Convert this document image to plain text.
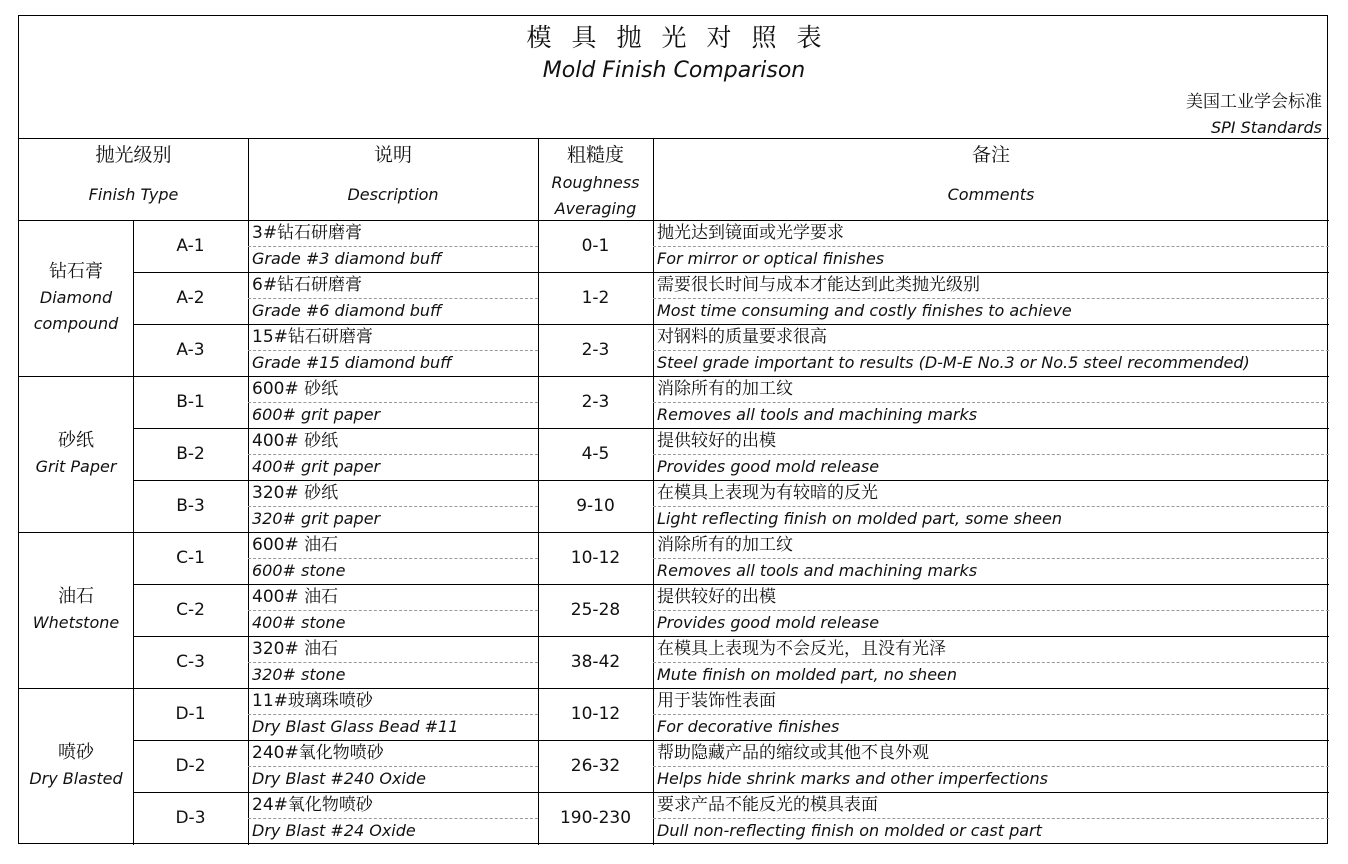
模具抛光对照表
Mold Finish Comparison
美国工业学会标准
SPI Standards
抛光级别
Finish Type
说明
Description
粗糙度
Roughness
Averaging
备注
Comments
钻石膏
Diamond
compound
A-1
3#钻石研磨膏
Grade #3 diamond buff
0-1
抛光达到镜面或光学要求
For mirror or optical finishes
A-2
6#钻石研磨膏
Grade #6 diamond buff
1-2
需要很长时间与成本才能达到此类抛光级别
Most time consuming and costly finishes to achieve
A-3
15#钻石研磨膏
Grade #15 diamond buff
2-3
对钢料的质量要求很高
Steel grade important to results (D-M-E No.3 or No.5 steel recommended)
砂纸
Grit Paper
B-1
600# 砂纸
600# grit paper
2-3
消除所有的加工纹
Removes all tools and machining marks
B-2
400# 砂纸
400# grit paper
4-5
提供较好的出模
Provides good mold release
B-3
320# 砂纸
320# grit paper
9-10
在模具上表现为有较暗的反光
Light reflecting finish on molded part, some sheen
油石
Whetstone
C-1
600# 油石
600# stone
10-12
消除所有的加工纹
Removes all tools and machining marks
C-2
400# 油石
400# stone
25-28
提供较好的出模
Provides good mold release
C-3
320# 油石
320# stone
38-42
在模具上表现为不会反光，且没有光泽
Mute finish on molded part, no sheen
喷砂
Dry Blasted
D-1
11#玻璃珠喷砂
Dry Blast Glass Bead #11
10-12
用于装饰性表面
For decorative finishes
D-2
240#氧化物喷砂
Dry Blast #240 Oxide
26-32
帮助隐藏产品的缩纹或其他不良外观
Helps hide shrink marks and other imperfections
D-3
24#氧化物喷砂
Dry Blast #24 Oxide
190-230
要求产品不能反光的模具表面
Dull non-reflecting finish on molded or cast part
